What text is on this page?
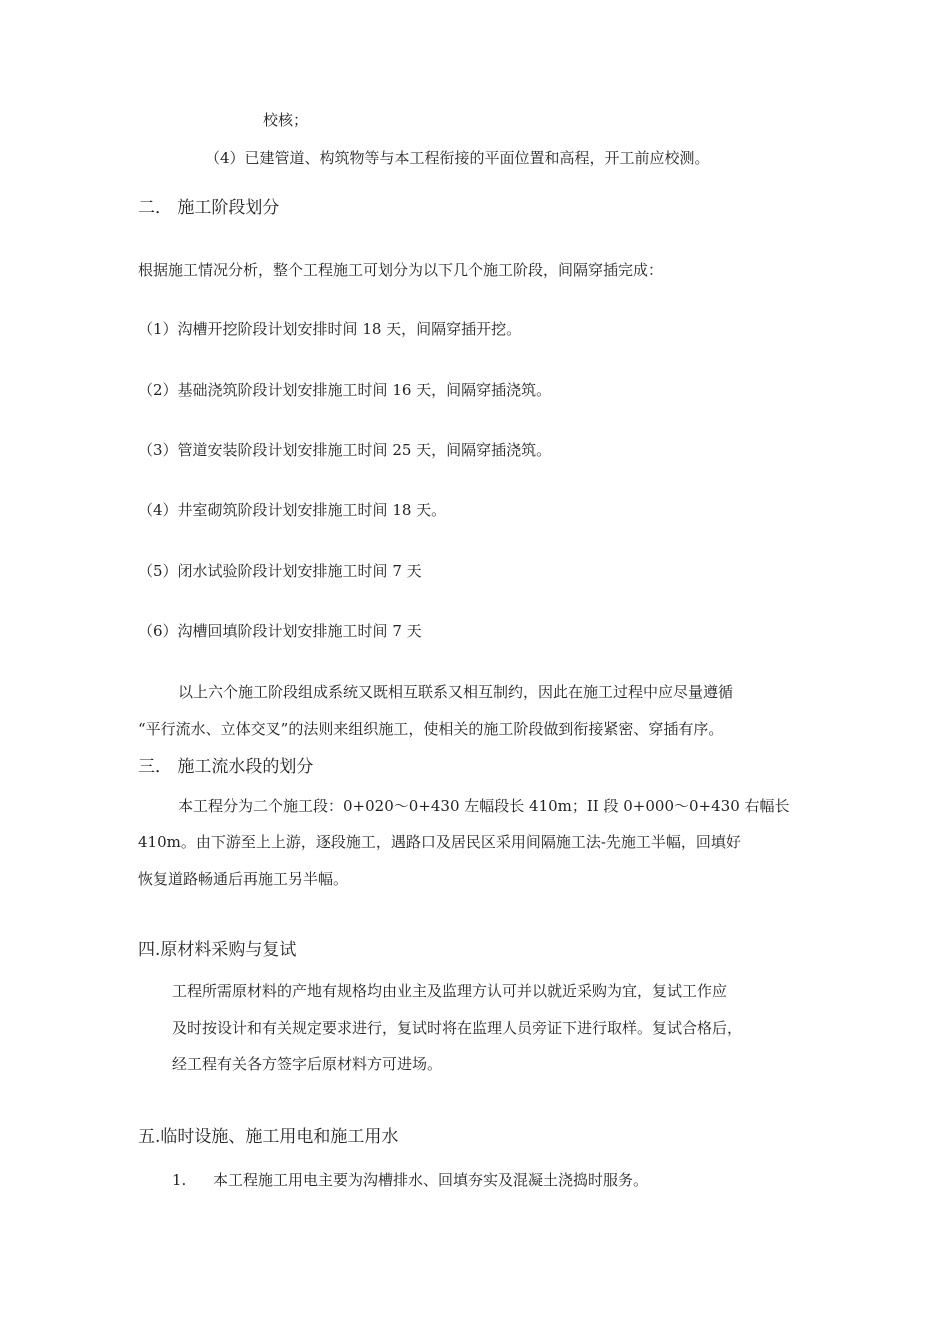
校核；

（4）已建管道、构筑物等与本工程衔接的平面位置和高程，开工前应校测。

二． 施工阶段划分

根据施工情况分析，整个工程施工可划分为以下几个施工阶段，间隔穿插完成：

（1）沟槽开挖阶段计划安排时间 18 天，间隔穿插开挖。

（2）基础浇筑阶段计划安排施工时间 16 天，间隔穿插浇筑。

（3）管道安装阶段计划安排施工时间 25 天，间隔穿插浇筑。

（4）井室砌筑阶段计划安排施工时间 18 天。

（5）闭水试验阶段计划安排施工时间 7 天

（6）沟槽回填阶段计划安排施工时间 7 天

以上六个施工阶段组成系统又既相互联系又相互制约，因此在施工过程中应尽量遵循

“平行流水、立体交叉”的法则来组织施工，使相关的施工阶段做到衔接紧密、穿插有序。

三． 施工流水段的划分

本工程分为二个施工段：0+020～0+430 左幅段长 410m；II 段 0+000～0+430 右幅长

410m。由下游至上上游，逐段施工，遇路口及居民区采用间隔施工法-先施工半幅，回填好

恢复道路畅通后再施工另半幅。

四.原材料采购与复试

工程所需原材料的产地有规格均由业主及监理方认可并以就近采购为宜，复试工作应

及时按设计和有关规定要求进行，复试时将在监理人员旁证下进行取样。复试合格后，

经工程有关各方签字后原材料方可进场。

五.临时设施、施工用电和施工用水

1. 本工程施工用电主要为沟槽排水、回填夯实及混凝土浇捣时服务。
